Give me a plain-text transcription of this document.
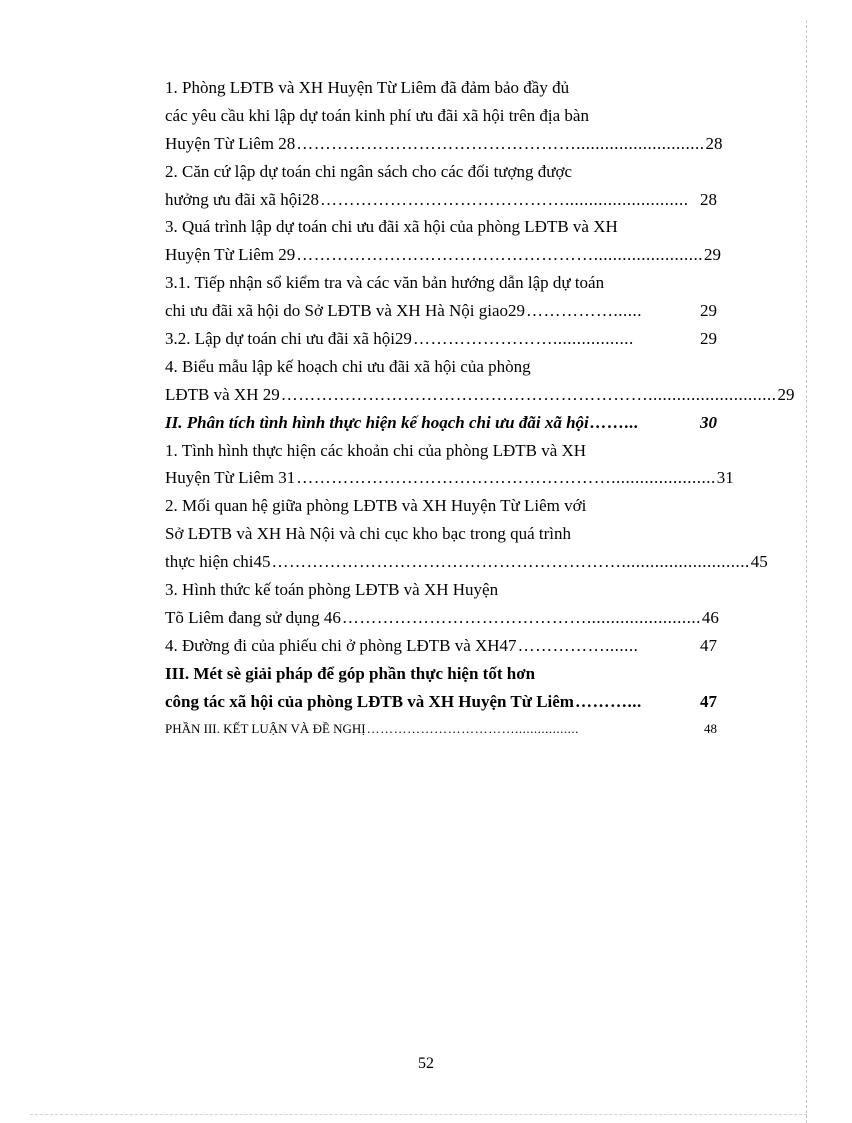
1. Phòng LĐTB và XH Huyện Từ Liêm đã đảm bảo đầy đủ
các yêu cầu khi lập dự toán kinh phí ưu đãi xã hội trên địa bàn
Huyện Từ Liêm 28 …………………………………………........................... 28
2. Căn cứ lập dự toán chi ngân sách cho các đối tượng được
hưởng ưu đãi xã hội28 …………………………………….......................... 28
3. Quá trình lập dự toán chi ưu đãi xã hội của phòng LĐTB và XH
Huyện Từ Liêm 29 ……………………………………………....................... 29
3.1. Tiếp nhận sổ kiểm tra và các văn bản hướng dẫn lập dự toán
chi ưu đãi xã hội do Sở LĐTB và XH Hà Nội giao29 ……………......	29
3.2. Lập dự toán chi ưu đãi xã hội29 …………………….................	29
4. Biểu mẫu lập kế hoạch chi ưu đãi xã hội của phòng
LĐTB và XH 29 ………………………………………………………........................... 29
II. Phân tích tình hình thực hiện kế hoạch chi ưu đãi xã hội ……...	30
1. Tình hình thực hiện các khoản chi của phòng LĐTB và XH
Huyện Từ Liêm 31 ………………………………………………...................... 31
2. Mối quan hệ giữa phòng LĐTB và XH Huyện Từ Liêm với
Sở LĐTB và XH Hà Nội và chi cục kho bạc trong quá trình
thực hiện chi45 ……………………………………………………........................... 45
3. Hình thức kế toán phòng LĐTB và XH Huyện
Tõ Liêm đang sử dụng 46 ……………………………………........................ 46
4. Đường đi của phiếu chi ở phòng LĐTB và XH47 …………….......	47
III. Mét sè giải pháp để góp phần thực hiện tốt hơn
công tác xã hội của phòng LĐTB và XH Huyện Từ Liêm ………...	47
PHẦN III. KẾT LUẬN VÀ ĐỀ NGHỊ …………………………….................	48
52
